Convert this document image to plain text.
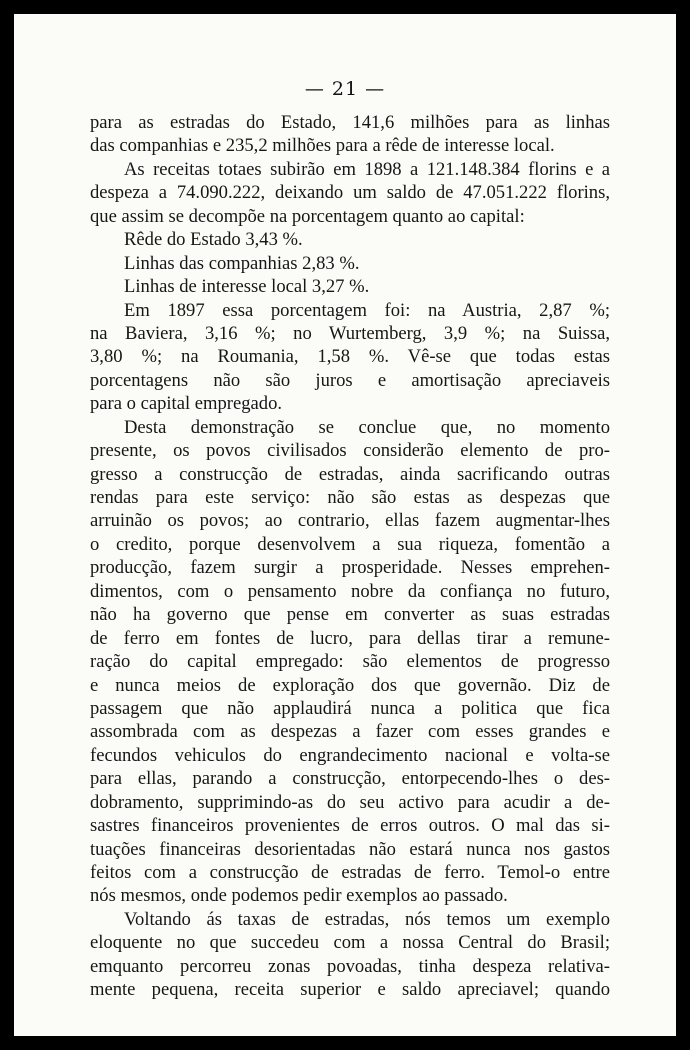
— 21 —
para as estradas do Estado, 141,6 milhões para as linhas
das companhias e 235,2 milhões para a rêde de interesse local.
As receitas totaes subirão em 1898 a 121.148.384 florins e a
despeza a 74.090.222, deixando um saldo de 47.051.222 florins,
que assim se decompõe na porcentagem quanto ao capital:
Rêde do Estado 3,43 %.
Linhas das companhias 2,83 %.
Linhas de interesse local 3,27 %.
Em 1897 essa porcentagem foi: na Austria, 2,87 %;
na Baviera, 3,16 %; no Wurtemberg, 3,9 %; na Suissa,
3,80 %; na Roumania, 1,58 %. Vê-se que todas estas
porcentagens não são juros e amortisação apreciaveis
para o capital empregado.
Desta demonstração se conclue que, no momento
presente, os povos civilisados considerão elemento de pro-
gresso a construcção de estradas, ainda sacrificando outras
rendas para este serviço: não são estas as despezas que
arruinão os povos; ao contrario, ellas fazem augmentar-lhes
o credito, porque desenvolvem a sua riqueza, fomentão a
producção, fazem surgir a prosperidade. Nesses emprehen-
dimentos, com o pensamento nobre da confiança no futuro,
não ha governo que pense em converter as suas estradas
de ferro em fontes de lucro, para dellas tirar a remune-
ração do capital empregado: são elementos de progresso
e nunca meios de exploração dos que governão. Diz de
passagem que não applaudirá nunca a politica que fica
assombrada com as despezas a fazer com esses grandes e
fecundos vehiculos do engrandecimento nacional e volta-se
para ellas, parando a construcção, entorpecendo-lhes o des-
dobramento, supprimindo-as do seu activo para acudir a de-
sastres financeiros provenientes de erros outros. O mal das si-
tuações financeiras desorientadas não estará nunca nos gastos
feitos com a construcção de estradas de ferro. Temol-o entre
nós mesmos, onde podemos pedir exemplos ao passado.
Voltando ás taxas de estradas, nós temos um exemplo
eloquente no que succedeu com a nossa Central do Brasil;
emquanto percorreu zonas povoadas, tinha despeza relativa-
mente pequena, receita superior e saldo apreciavel; quando
